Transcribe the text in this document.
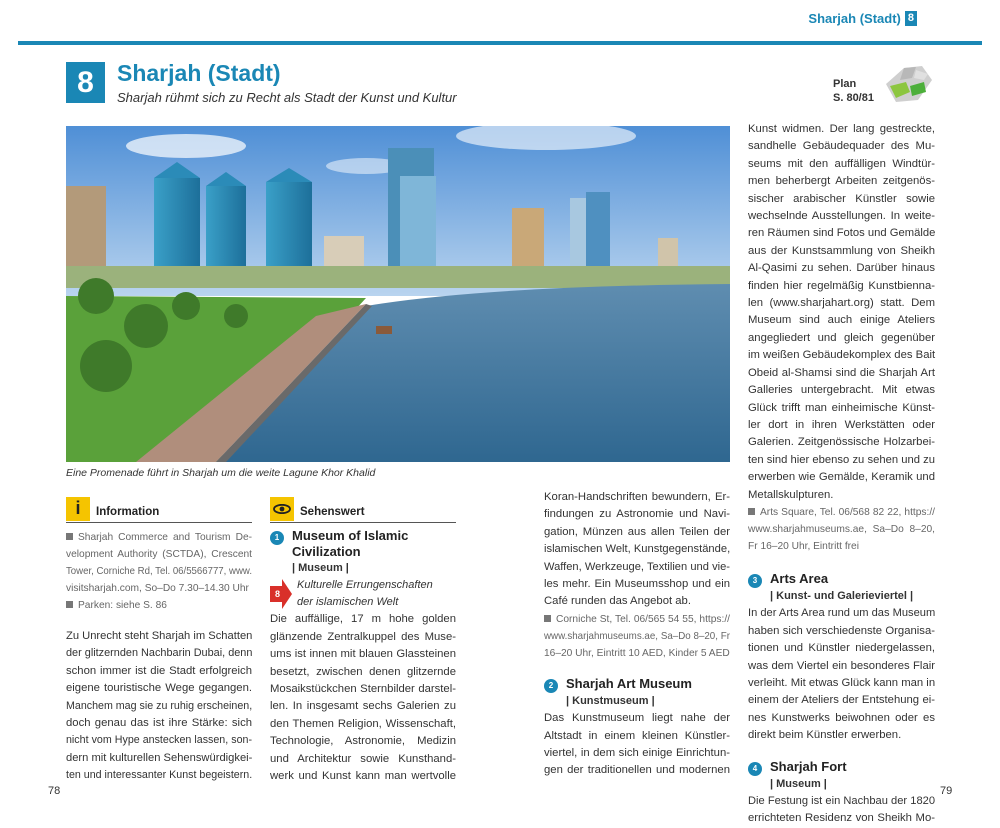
Sharjah (Stadt) 8
8	Sharjah (Stadt)
Sharjah rühmt sich zu Recht als Stadt der Kunst und Kultur
Plan
S. 80/81
Eine Promenade führt in Sharjah um die weite Lagune Khor Khalid
i	Information
Sharjah Commerce and Tourism De-
velopment Authority (SCTDA), Crescent
Tower, Corniche Rd, Tel. 06/5566777, www.
visitsharjah.com, So–Do 7.30–14.30 Uhr
Parken: siehe S. 86
Zu Unrecht steht Sharjah im Schatten
der glitzernden Nachbarin Dubai, denn
schon immer ist die Stadt erfolgreich
eigene touristische Wege gegangen.
Manchem mag sie zu ruhig erscheinen,
doch genau das ist ihre Stärke: sich
nicht vom Hype anstecken lassen, son-
dern mit kulturellen Sehenswürdigkei-
ten und interessanter Kunst begeistern.
Sehenswert
1 Museum of Islamic
Civilization
| Museum |
8
Kulturelle Errungenschaften
der islamischen Welt
Die auffällige, 17 m hohe golden
glänzende Zentralkuppel des Muse-
ums ist innen mit blauen Glassteinen
besetzt, zwischen denen glitzernde
Mosaikstückchen Sternbilder darstel-
len. In insgesamt sechs Galerien zu
den Themen Religion, Wissenschaft,
Technologie, Astronomie, Medizin
und Architektur sowie Kunsthand-
werk und Kunst kann man wertvolle
Koran-Handschriften bewundern, Er-
findungen zu Astronomie und Navi-
gation, Münzen aus allen Teilen der
islamischen Welt, Kunstgegenstände,
Waffen, Werkzeuge, Textilien und vie-
les mehr. Ein Museumsshop und ein
Café runden das Angebot ab.
Corniche St, Tel. 06/565 54 55, https://
www.sharjahmuseums.ae, Sa–Do 8–20, Fr
16–20 Uhr, Eintritt 10 AED, Kinder 5 AED
2 Sharjah Art Museum
| Kunstmuseum |
Das Kunstmuseum liegt nahe der
Altstadt in einem kleinen Künstler-
viertel, in dem sich einige Einrichtun-
gen der traditionellen und modernen
Kunst widmen. Der lang gestreckte,
sandhelle Gebäudequader des Mu-
seums mit den auffälligen Windtür-
men beherbergt Arbeiten zeitgenös-
sischer arabischer Künstler sowie
wechselnde Ausstellungen. In weite-
ren Räumen sind Fotos und Gemälde
aus der Kunstsammlung von Sheikh
Al-Qasimi zu sehen. Darüber hinaus
finden hier regelmäßig Kunstbienna-
len (www.sharjahart.org) statt. Dem
Museum sind auch einige Ateliers
angegliedert und gleich gegenüber
im weißen Gebäudekomplex des Bait
Obeid al-Shamsi sind die Sharjah Art
Galleries untergebracht. Mit etwas
Glück trifft man einheimische Künst-
ler dort in ihren Werkstätten oder
Galerien. Zeitgenössische Holzarbei-
ten sind hier ebenso zu sehen und zu
erwerben wie Gemälde, Keramik und
Metallskulpturen.
Arts Square, Tel. 06/568 82 22, https://
www.sharjahmuseums.ae, Sa–Do 8–20,
Fr 16–20 Uhr, Eintritt frei
3 Arts Area
| Kunst- und Galerieviertel |
In der Arts Area rund um das Museum
haben sich verschiedenste Organisa-
tionen und Künstler niedergelassen,
was dem Viertel ein besonderes Flair
verleiht. Mit etwas Glück kann man in
einem der Ateliers der Entstehung ei-
nes Kunstwerks beiwohnen oder es
direkt beim Künstler erwerben.
4 Sharjah Fort
| Museum |
Die Festung ist ein Nachbau der 1820
errichteten Residenz von Sheikh Mo-
78	79
